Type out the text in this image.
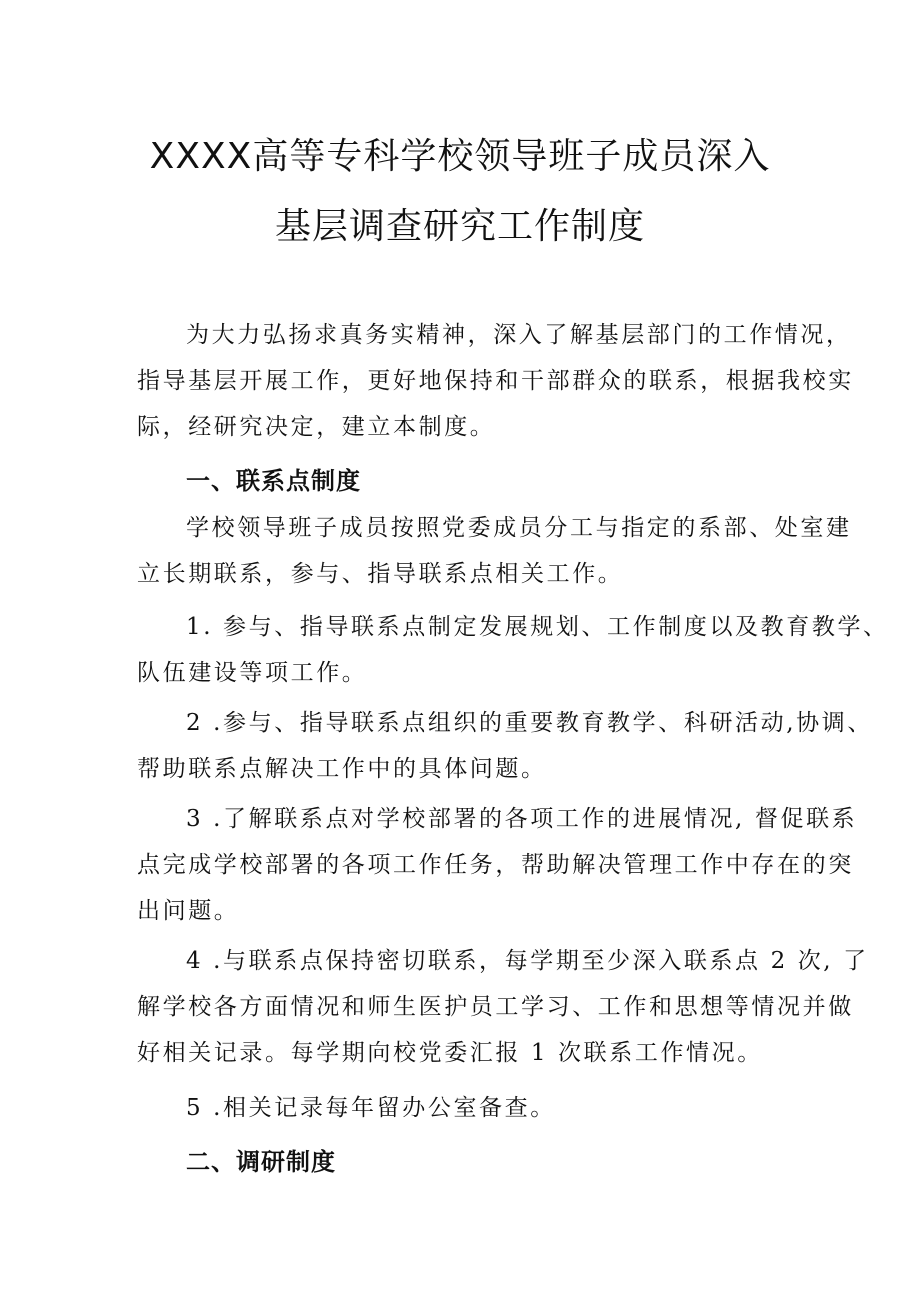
XXXX高等专科学校领导班子成员深入
基层调查研究工作制度
为大力弘扬求真务实精神，深入了解基层部门的工作情况，
指导基层开展工作，更好地保持和干部群众的联系，根据我校实
际，经研究决定，建立本制度。
一、联系点制度
学校领导班子成员按照党委成员分工与指定的系部、处室建
立长期联系，参与、指导联系点相关工作。
1. 参与、指导联系点制定发展规划、工作制度以及教育教学、
队伍建设等项工作。
2 .参与、指导联系点组织的重要教育教学、科研活动,协调、
帮助联系点解决工作中的具体问题。
3 .了解联系点对学校部署的各项工作的进展情况, 督促联系
点完成学校部署的各项工作任务，帮助解决管理工作中存在的突
出问题。
4 .与联系点保持密切联系，每学期至少深入联系点 2 次, 了
解学校各方面情况和师生医护员工学习、工作和思想等情况并做
好相关记录。每学期向校党委汇报 1 次联系工作情况。
5 .相关记录每年留办公室备查。
二、调研制度
